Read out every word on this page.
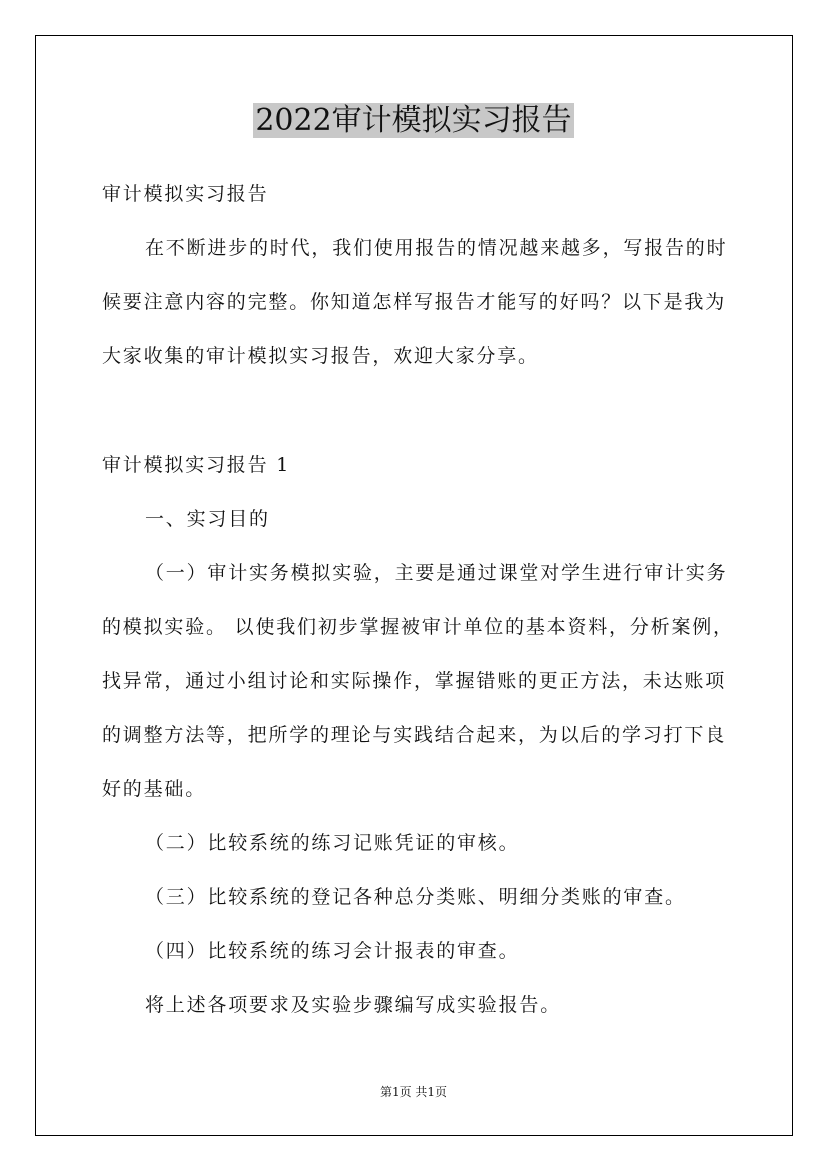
2022审计模拟实习报告
审计模拟实习报告
在不断进步的时代，我们使用报告的情况越来越多，写报告的时
候要注意内容的完整。你知道怎样写报告才能写的好吗？以下是我为
大家收集的审计模拟实习报告，欢迎大家分享。
审计模拟实习报告 1
一、实习目的
（一）审计实务模拟实验，主要是通过课堂对学生进行审计实务
的模拟实验。 以使我们初步掌握被审计单位的基本资料，分析案例，
找异常，通过小组讨论和实际操作，掌握错账的更正方法，未达账项
的调整方法等，把所学的理论与实践结合起来，为以后的学习打下良
好的基础。
（二）比较系统的练习记账凭证的审核。
（三）比较系统的登记各种总分类账、明细分类账的审查。
（四）比较系统的练习会计报表的审查。
将上述各项要求及实验步骤编写成实验报告。
第1页 共1页
